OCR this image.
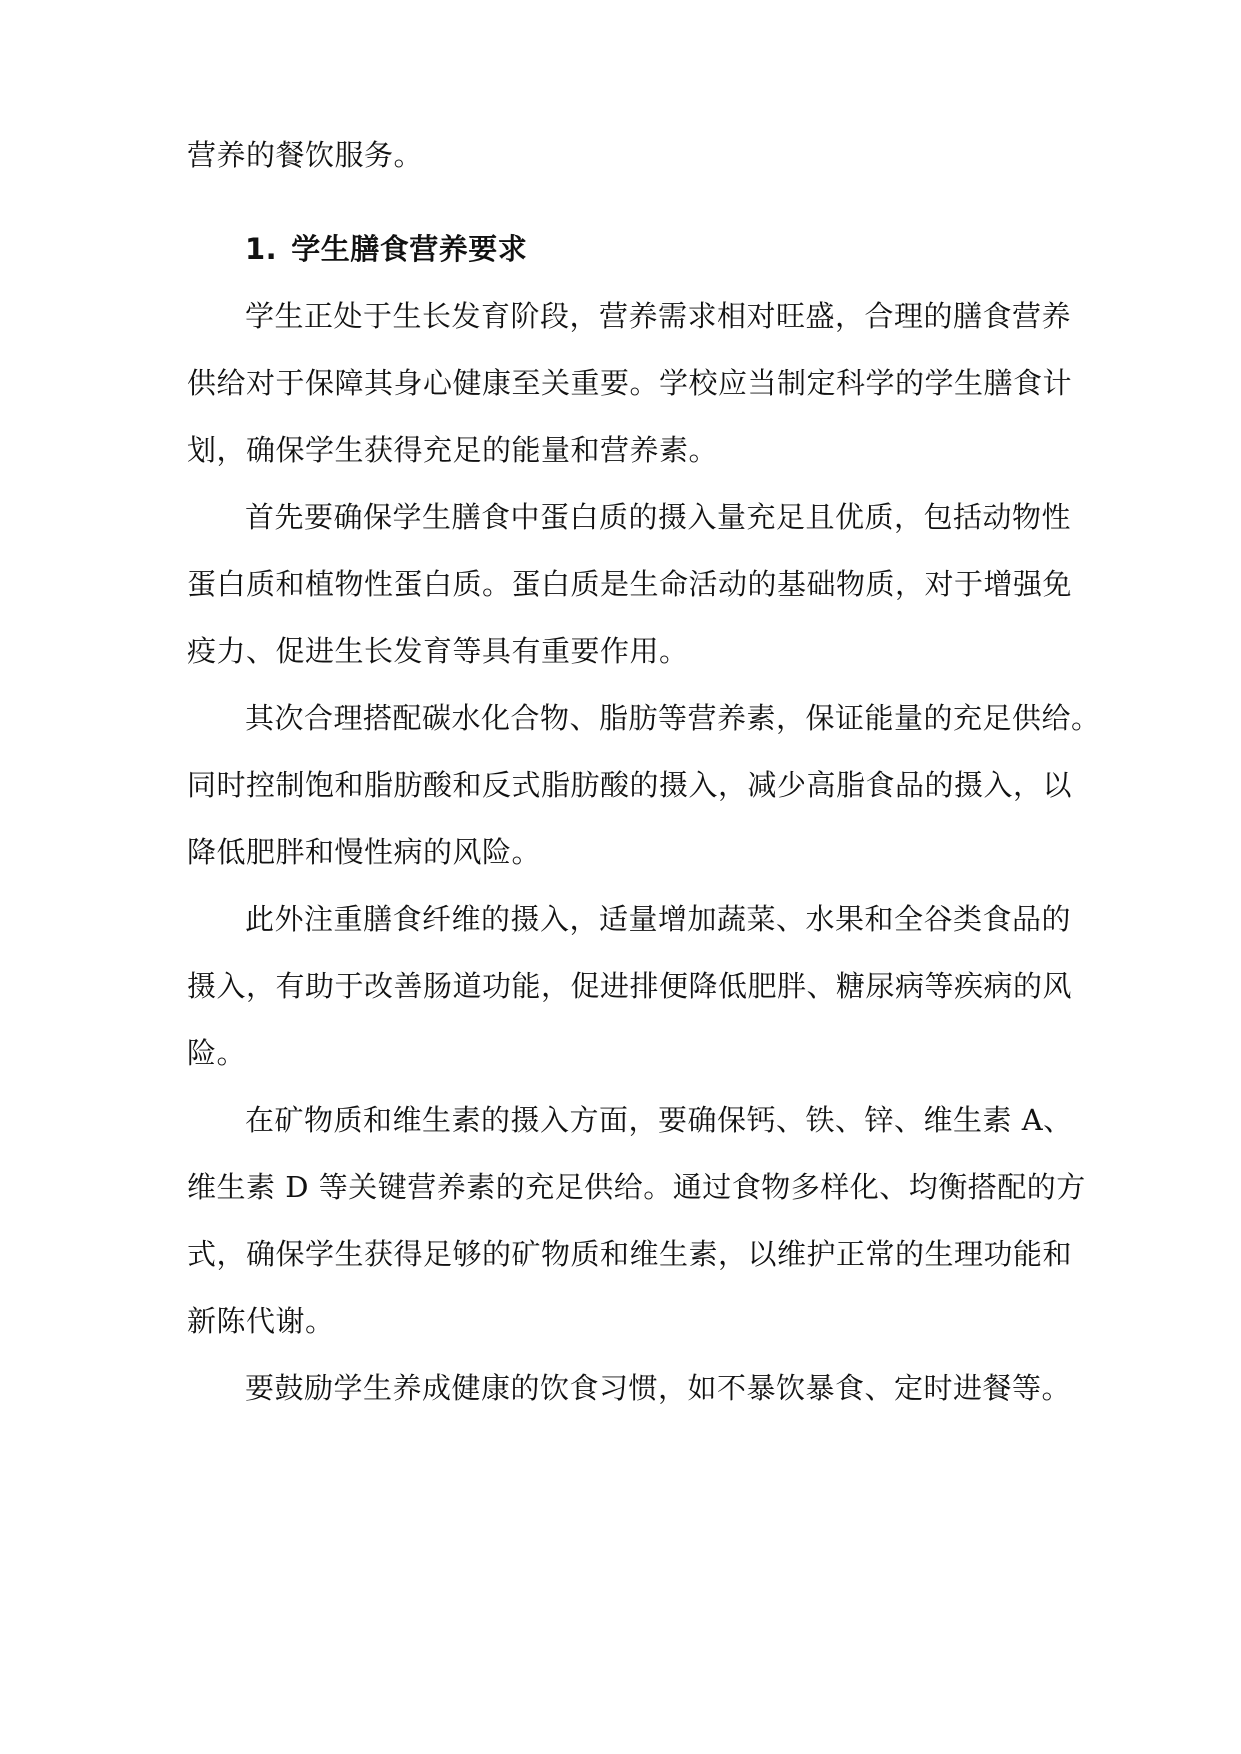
营养的餐饮服务。
1. 学生膳食营养要求
学生正处于生长发育阶段，营养需求相对旺盛，合理的膳食营养
供给对于保障其身心健康至关重要。学校应当制定科学的学生膳食计
划，确保学生获得充足的能量和营养素。
首先要确保学生膳食中蛋白质的摄入量充足且优质，包括动物性
蛋白质和植物性蛋白质。蛋白质是生命活动的基础物质，对于增强免
疫力、促进生长发育等具有重要作用。
其次合理搭配碳水化合物、脂肪等营养素，保证能量的充足供给。
同时控制饱和脂肪酸和反式脂肪酸的摄入，减少高脂食品的摄入，以
降低肥胖和慢性病的风险。
此外注重膳食纤维的摄入，适量增加蔬菜、水果和全谷类食品的
摄入，有助于改善肠道功能，促进排便降低肥胖、糖尿病等疾病的风
险。
在矿物质和维生素的摄入方面，要确保钙、铁、锌、维生素 A、
维生素 D 等关键营养素的充足供给。通过食物多样化、均衡搭配的方
式，确保学生获得足够的矿物质和维生素，以维护正常的生理功能和
新陈代谢。
要鼓励学生养成健康的饮食习惯，如不暴饮暴食、定时进餐等。
